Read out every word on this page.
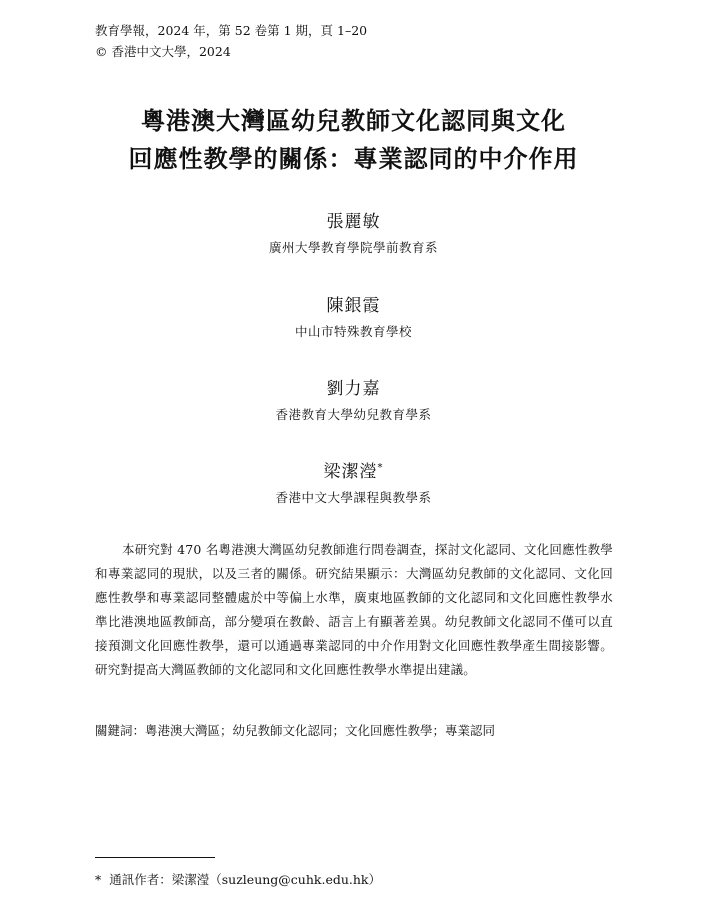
教育學報，2024 年，第 52 卷第 1 期，頁 1–20
© 香港中文大學，2024
粵港澳大灣區幼兒教師文化認同與文化
回應性教學的關係：專業認同的中介作用
張麗敏
廣州大學教育學院學前教育系
陳銀霞
中山市特殊教育學校
劉力嘉
香港教育大學幼兒教育學系
梁潔瀅*
香港中文大學課程與教學系
本研究對 470 名粵港澳大灣區幼兒教師進行問卷調查，探討文化認同、文化回應性教學和專業認同的現狀，以及三者的關係。研究結果顯示：大灣區幼兒教師的文化認同、文化回應性教學和專業認同整體處於中等偏上水準，廣東地區教師的文化認同和文化回應性教學水準比港澳地區教師高，部分變項在教齡、語言上有顯著差異。幼兒教師文化認同不僅可以直接預測文化回應性教學，還可以通過專業認同的中介作用對文化回應性教學產生間接影響。研究對提高大灣區教師的文化認同和文化回應性教學水準提出建議。
關鍵詞：粵港澳大灣區；幼兒教師文化認同；文化回應性教學；專業認同
* 通訊作者：梁潔瀅（suzleung@cuhk.edu.hk）
